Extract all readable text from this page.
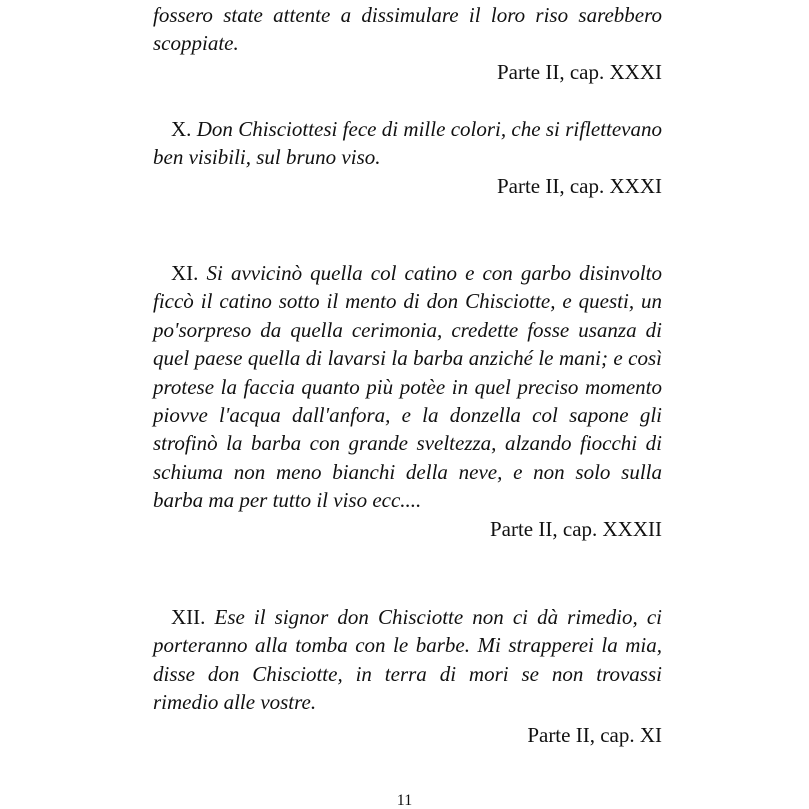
fossero state attente a dissimulare il loro riso sarebbero scoppiate.

Parte II, cap. XXXI

X. Don Chisciottesi fece di mille colori, che si riflettevano ben visibili, sul bruno viso.

Parte II, cap. XXXI

XI. Si avvicinò quella col catino e con garbo disinvolto ficcò il catino sotto il mento di don Chisciotte, e questi, un po'sorpreso da quella cerimonia, credette fosse usanza di quel paese quella di lavarsi la barba anziché le mani; e così protese la faccia quanto più potèe in quel preciso momento piovve l'acqua dall'anfora, e la donzella col sapone gli strofinò la barba con grande sveltezza, alzando fiocchi di schiuma non meno bianchi della neve, e non solo sulla barba ma per tutto il viso ecc....

Parte II, cap. XXXII

XII. Ese il signor don Chisciotte non ci dà rimedio, ci porteranno alla tomba con le barbe. Mi strapperei la mia, disse don Chisciotte, in terra di mori se non trovassi rimedio alle vostre.

Parte II, cap. XI

11
